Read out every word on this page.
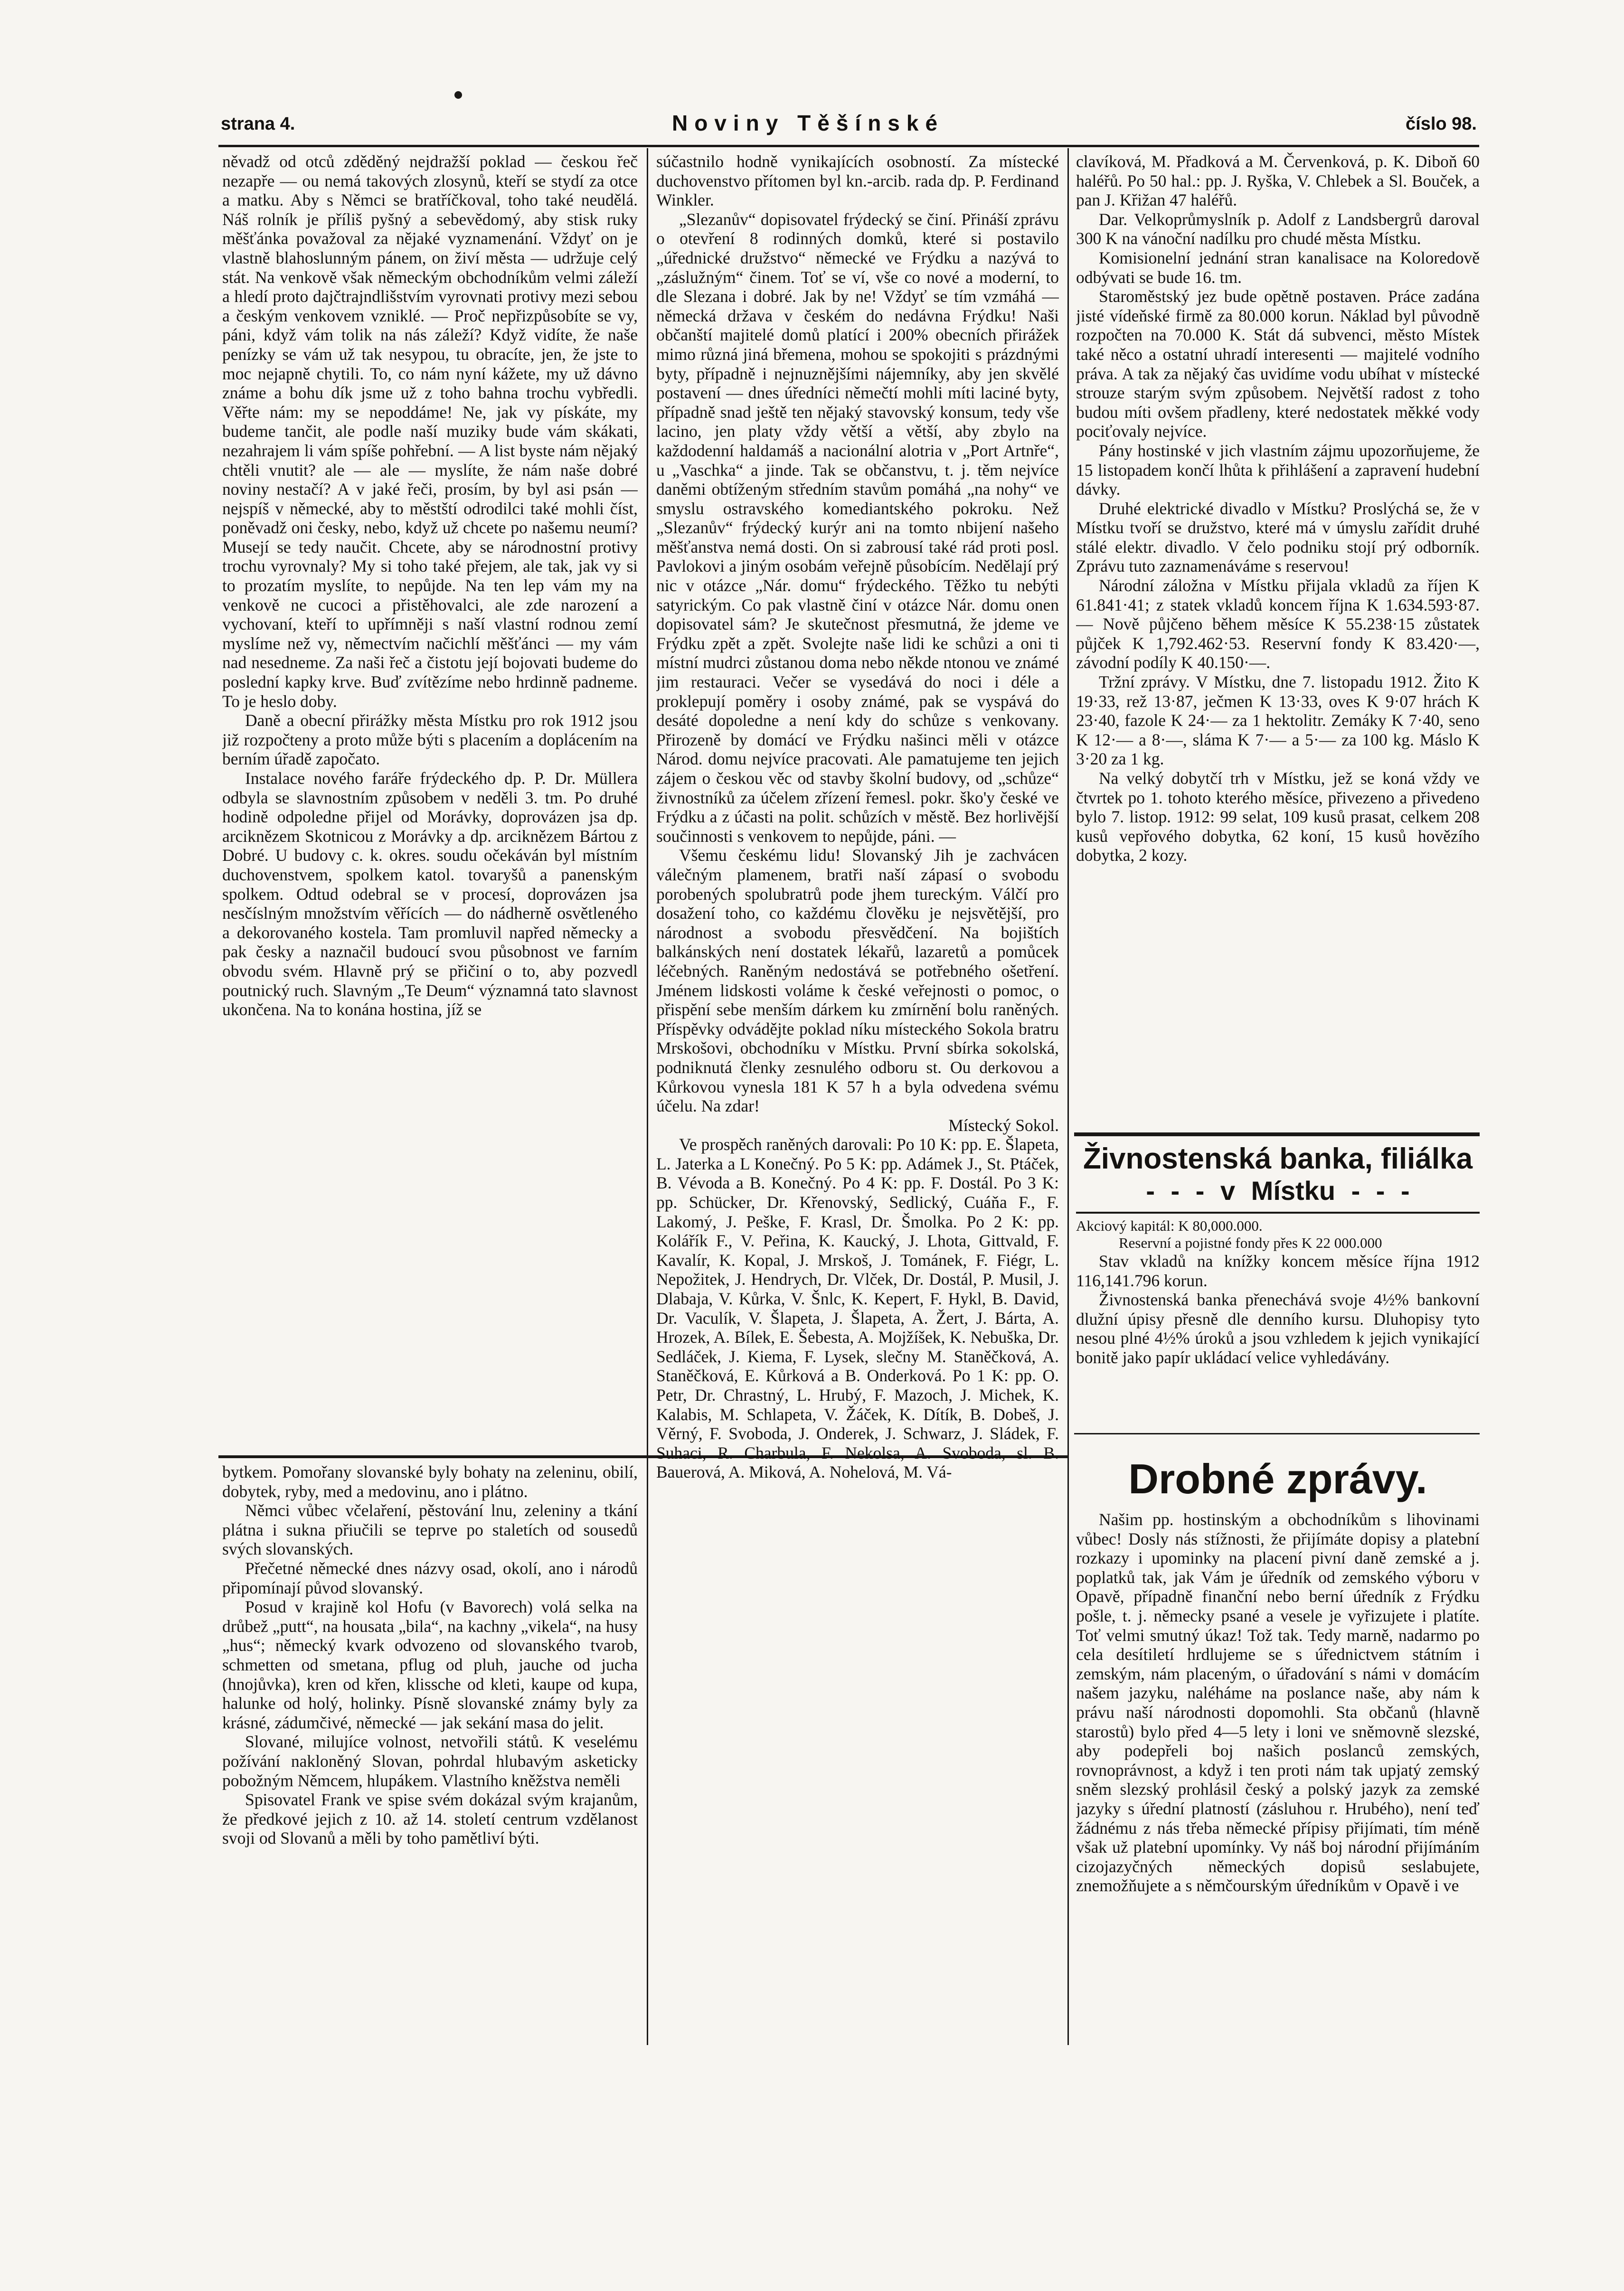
strana 4.	Noviny Těšínské	číslo 98.

něvadž od otců zděděný nejdražší poklad — českou řeč nezapře — ou nemá takových zlosynů, kteří se stydí za otce a matku. Aby s Němci se bratříčkoval, toho také neudělá. Náš rolník je příliš pyšný a sebevědomý, aby stisk ruky měšťánka považoval za nějaké vyznamenání. Vždyť on je vlastně blahoslunným pánem, on živí města — udržuje celý stát. Na venkově však německým obchodníkům velmi záleží a hledí proto dajčtrajndlišstvím vyrovnati protivy mezi sebou a českým venkovem vzniklé. — Proč nepřizpůsobíte se vy, páni, když vám tolik na nás záleží? Když vidíte, že naše penízky se vám už tak nesypou, tu obracíte, jen, že jste to moc nejapně chytili. To, co nám nyní kážete, my už dávno známe a bohu dík jsme už z toho bahna trochu vybředli. Věřte nám: my se nepoddáme! Ne, jak vy pískáte, my budeme tančit, ale podle naší muziky bude vám skákati, nezahrajem li vám spíše pohřební. — A list byste nám nějaký chtěli vnutit? ale — ale — myslíte, že nám naše dobré noviny nestačí? A v jaké řeči, prosím, by byl asi psán — nejspíš v německé, aby to městští odrodilci také mohli číst, poněvadž oni česky, nebo, když už chcete po našemu neumí? Musejí se tedy naučit. Chcete, aby se národnostní protivy trochu vyrovnaly? My si toho také přejem, ale tak, jak vy si to prozatím myslíte, to nepůjde. Na ten lep vám my na venkově ne cucoci a přistěhovalci, ale zde narození a vychovaní, kteří to upřímněji s naší vlastní rodnou zemí myslíme než vy, němectvím načichlí měšťánci — my vám nad nesedneme. Za naši řeč a čistotu její bojovati budeme do poslední kapky krve. Buď zvítězíme nebo hrdinně padneme. To je heslo doby.

Daně a obecní přirážky města Místku pro rok 1912 jsou již rozpočteny a proto může býti s placením a doplácením na berním úřadě započato.

Instalace nového faráře frýdeckého dp. P. Dr. Müllera odbyla se slavnostním způsobem v neděli 3. tm. Po druhé hodině odpoledne přijel od Morávky, doprovázen jsa dp. arciknězem Skotnicou z Morávky a dp. arciknězem Bártou z Dobré. U budovy c. k. okres. soudu očekáván byl místním duchovenstvem, spolkem katol. tovaryšů a panenským spolkem. Odtud odebral se v procesí, doprovázen jsa nesčíslným množstvím věřících — do nádherně osvětleného a dekorovaného kostela. Tam promluvil napřed německy a pak česky a naznačil budoucí svou působnost ve farním obvodu svém. Hlavně prý se přičiní o to, aby pozvedl poutnický ruch. Slavným „Te Deum“ významná tato slavnost ukončena. Na to konána hostina, jíž se

bytkem. Pomořany slovanské byly bohaty na zeleninu, obilí, dobytek, ryby, med a medovinu, ano i plátno.

Němci vůbec včelaření, pěstování lnu, zeleniny a tkání plátna i sukna přiučili se teprve po staletích od sousedů svých slovanských.

Přečetné německé dnes názvy osad, okolí, ano i národů připomínají původ slovanský.

Posud v krajině kol Hofu (v Bavorech) volá selka na drůbež „putt“, na housata „bila“, na kachny „vikela“, na husy „hus“; německý kvark odvozeno od slovanského tvarob, schmetten od smetana, pflug od pluh, jauche od jucha (hnojůvka), kren od křen, klissche od kleti, kaupe od kupa, halunke od holý, holinky. Písně slovanské známy byly za krásné, zádumčivé, německé — jak sekání masa do jelit.

Slované, milujíce volnost, netvořili států. K veselému požívání nakloněný Slovan, pohrdal hlubavým asketicky pobožným Němcem, hlupákem. Vlastního kněžstva neměli

Spisovatel Frank ve spise svém dokázal svým krajanům, že předkové jejich z 10. až 14. století centrum vzdělanost svoji od Slovanů a měli by toho pamětliví býti.

súčastnilo hodně vynikajících osobností. Za místecké duchovenstvo přítomen byl kn.-arcib. rada dp. P. Ferdinand Winkler.

„Slezanův“ dopisovatel frýdecký se činí. Přináší zprávu o otevření 8 rodinných domků, které si postavilo „úřednické družstvo“ německé ve Frýdku a nazývá to „záslužným“ činem. Toť se ví, vše co nové a moderní, to dle Slezana i dobré. Jak by ne! Vždyť se tím vzmáhá — německá država v českém do nedávna Frýdku! Naši občanští majitelé domů platící i 200% obecních přirážek mimo různá jiná břemena, mohou se spokojiti s prázdnými byty, případně i nejnuznějšími nájemníky, aby jen skvělé postavení — dnes úředníci němečtí mohli míti laciné byty, případně snad ještě ten nějaký stavovský konsum, tedy vše lacino, jen platy vždy větší a větší, aby zbylo na každodenní haldamáš a nacionální alotria v „Port Artnře“, u „Vaschka“ a jinde. Tak se občanstvu, t. j. těm nejvíce daněmi obtíženým středním stavům pomáhá „na nohy“ ve smyslu ostravského komediantského pokroku. Než „Slezanův“ frýdecký kurýr ani na tomto nbijení našeho měšťanstva nemá dosti. On si zabrousí také rád proti posl. Pavlokovi a jiným osobám veřejně působícím. Nedělají prý nic v otázce „Nár. domu“ frýdeckého. Těžko tu nebýti satyrickým. Co pak vlastně činí v otázce Nár. domu onen dopisovatel sám? Je skutečnost přesmutná, že jdeme ve Frýdku zpět a zpět. Svolejte naše lidi ke schůzi a oni ti místní mudrci zůstanou doma nebo někde ntonou ve známé jim restauraci. Večer se vysedává do noci i déle a proklepují poměry i osoby známé, pak se vyspává do desáté dopoledne a není kdy do schůze s venkovany. Přirozeně by domácí ve Frýdku našinci měli v otázce Národ. domu nejvíce pracovati. Ale pamatujeme ten jejich zájem o českou věc od stavby školní budovy, od „schůze“ živnostníků za účelem zřízení řemesl. pokr. ško'y české ve Frýdku a z účasti na polit. schůzích v městě. Bez horlivější součinnosti s venkovem to nepůjde, páni. —

Všemu českému lidu! Slovanský Jih je zachvácen válečným plamenem, bratři naší zápasí o svobodu porobených spolubratrů pode jhem tureckým. Válčí pro dosažení toho, co každému člověku je nejsvětější, pro národnost a svobodu přesvědčení. Na bojištích balkánských není dostatek lékařů, lazaretů a pomůcek léčebných. Raněným nedostává se potřebného ošetření. Jménem lidskosti voláme k české veřejnosti o pomoc, o přispění sebe menším dárkem ku zmírnění bolu raněných. Příspěvky odvádějte poklad níku místeckého Sokola bratru Mrskošovi, obchodníku v Místku. První sbírka sokolská, podniknutá členky zesnulého odboru st. Ou derkovou a Kůrkovou vynesla 181 K 57 h a byla odvedena svému účelu. Na zdar!

Místecký Sokol.

Ve prospěch raněných darovali: Po 10 K: pp. E. Šlapeta, L. Jaterka a L Konečný. Po 5 K: pp. Adámek J., St. Ptáček, B. Vévoda a B. Konečný. Po 4 K: pp. F. Dostál. Po 3 K: pp. Schücker, Dr. Křenovský, Sedlický, Cuáňa F., F. Lakomý, J. Peške, F. Krasl, Dr. Šmolka. Po 2 K: pp. Kolářík F., V. Peřina, K. Kaucký, J. Lhota, Gittvald, F. Kavalír, K. Kopal, J. Mrskoš, J. Tománek, F. Fiégr, L. Nepožitek, J. Hendrych, Dr. Vlček, Dr. Dostál, P. Musil, J. Dlabaja, V. Kůrka, V. Šnlc, K. Kepert, F. Hykl, B. David, Dr. Vaculík, V. Šlapeta, J. Šlapeta, A. Žert, J. Bárta, A. Hrozek, A. Bílek, E. Šebesta, A. Mojžíšek, K. Nebuška, Dr. Sedláček, J. Kiema, F. Lysek, slečny M. Staněčková, A. Staněčková, E. Kůrková a B. Onderková. Po 1 K: pp. O. Petr, Dr. Chrastný, L. Hrubý, F. Mazoch, J. Michek, K. Kalabis, M. Schlapeta, V. Žáček, K. Dítík, B. Dobeš, J. Věrný, F. Svoboda, J. Onderek, J. Schwarz, J. Sládek, F. Suhaci, R. Charbula, F. Nekolsa, A. Svoboda, sl. B. Bauerová, A. Miková, A. Nohelová, M. Vá-

clavíková, M. Přadková a M. Červenková, p. K. Diboň 60 haléřů. Po 50 hal.: pp. J. Ryška, V. Chlebek a Sl. Bouček, a pan J. Křižan 47 haléřů.

Dar. Velkoprůmyslník p. Adolf z Landsbergrů daroval 300 K na vánoční nadílku pro chudé města Místku.

Komisionelní jednání stran kanalisace na Koloredově odbývati se bude 16. tm.

Staroměstský jez bude opětně postaven. Práce zadána jisté vídeňské firmě za 80.000 korun. Náklad byl původně rozpočten na 70.000 K. Stát dá subvenci, město Místek také něco a ostatní uhradí interesenti — majitelé vodního práva. A tak za nějaký čas uvidíme vodu ubíhat v místecké strouze starým svým způsobem. Největší radost z toho budou míti ovšem přadleny, které nedostatek měkké vody pociťovaly nejvíce.

Pány hostinské v jich vlastním zájmu upozorňujeme, že 15 listopadem končí lhůta k přihlášení a zapravení hudební dávky.

Druhé elektrické divadlo v Místku? Proslýchá se, že v Místku tvoří se družstvo, které má v úmyslu zařídit druhé stálé elektr. divadlo. V čelo podniku stojí prý odborník. Zprávu tuto zaznamenáváme s reservou!

Národní záložna v Místku přijala vkladů za říjen K 61.841·41; z statek vkladů koncem října K 1.634.593·87. — Nově půjčeno během měsíce K 55.238·15 zůstatek půjček K 1,792.462·53. Reservní fondy K 83.420·—, závodní podíly K 40.150·—.

Tržní zprávy. V Místku, dne 7. listopadu 1912. Žito K 19·33, rež 13·87, ječmen K 13·33, oves K 9·07 hrách K 23·40, fazole K 24·— za 1 hektolitr. Zemáky K 7·40, seno K 12·— a 8·—, sláma K 7·— a 5·— za 100 kg. Máslo K 3·20 za 1 kg.

Na velký dobytčí trh v Místku, jež se koná vždy ve čtvrtek po 1. tohoto kterého měsíce, přivezeno a přivedeno bylo 7. listop. 1912: 99 selat, 109 kusů prasat, celkem 208 kusů vepřového dobytka, 62 koní, 15 kusů hovězího dobytka, 2 kozy.

Živnostenská banka, filiálka
- - - v Místku - - -
Akciový kapitál: K 80,000.000.
Reservní a pojistné fondy přes K 22 000.000

Stav vkladů na knížky koncem měsíce října 1912 116,141.796 korun.

Živnostenská banka přenechává svoje 4½% bankovní dlužní úpisy přesně dle denního kursu. Dluhopisy tyto nesou plné 4½% úroků a jsou vzhledem k jejich vynikající bonitě jako papír ukládací velice vyhledávány.

Drobné zprávy.

Našim pp. hostinským a obchodníkům s lihovinami vůbec! Dosly nás stížnosti, že přijímáte dopisy a platební rozkazy i upominky na placení pivní daně zemské a j. poplatků tak, jak Vám je úředník od zemského výboru v Opavě, případně finanční nebo berní úředník z Frýdku pošle, t. j. německy psané a vesele je vyřizujete i platíte. Toť velmi smutný úkaz! Tož tak. Tedy marně, nadarmo po cela desítiletí hrdlujeme se s úřednictvem státním i zemským, nám placeným, o úřadování s námi v domácím našem jazyku, naléháme na poslance naše, aby nám k právu naší národnosti dopomohli. Sta občanů (hlavně starostů) bylo před 4—5 lety i loni ve sněmovně slezské, aby podepřeli boj našich poslanců zemských, rovnoprávnost, a když i ten proti nám tak upjatý zemský sněm slezský prohlásil český a polský jazyk za zemské jazyky s úřední platností (zásluhou r. Hrubého), není teď žádnému z nás třeba německé přípisy přijímati, tím méně však už platební upomínky. Vy náš boj národní přijímáním cizojazyčných německých dopisů seslabujete, znemožňujete a s němčourským úředníkům v Opavě i ve
